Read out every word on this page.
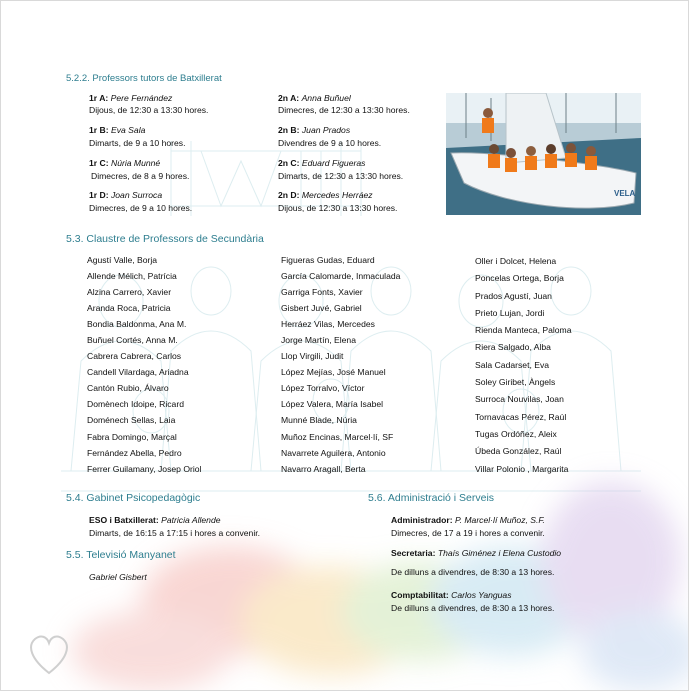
5.2.2. Professors tutors de Batxillerat
1r A: Pere Fernández
Dijous, de 12:30 a 13:30 hores.
2n A: Anna Buñuel
Dimecres, de 12:30 a 13:30 hores.
1r B: Eva Sala
Dimarts, de 9 a 10 hores.
2n B: Juan Prados
Divendres de 9 a 10 hores.
1r C: Núria Munné
Dimecres, de 8 a 9 hores.
2n C: Eduard Figueras
Dimarts, de 12:30 a 13:30 hores.
1r D: Joan Surroca
Dimecres, de 9 a 10 hores.
2n D: Mercedes Herráez
Dijous, de 12:30 a 13:30 hores.
VELA
5.3. Claustre de Professors de Secundària
Agustí Valle, Borja
Allende Mélich, Patrícia
Alzina Carrero, Xavier
Aranda Roca, Patricia
Bondia Baldonma, Ana M.
Buñuel Cortés, Anna M.
Cabrera Cabrera, Carlos
Candell Vilardaga, Ariadna
Cantón Rubio, Álvaro
Domènech Idoipe, Ricard
Doménech Sellas, Laia
Fabra Domingo, Marçal
Fernández Abella, Pedro
Ferrer Guilamany, Josep Oriol
Figueras Gudas, Eduard
García Calomarde, Inmaculada
Garriga Fonts, Xavier
Gisbert Juvé, Gabriel
Herráez Vilas, Mercedes
Jorge Martín, Elena
Llop Virgili, Judit
López Mejías, José Manuel
López Torralvo, Víctor
López Valera, María Isabel
Munné Blade, Núria
Muñoz Encinas, Marcel·lí, SF
Navarrete Aguilera, Antonio
Navarro Aragall, Berta
Oller i Dolcet, Helena
Poncelas Ortega, Borja
Prados Agustí, Juan
Prieto Lujan, Jordi
Rienda Manteca, Paloma
Riera Salgado, Alba
Sala Cadarset, Eva
Soley Giribet, Àngels
Surroca Nouvilas, Joan
Tornavacas Pérez, Raúl
Tugas Ordóñez, Aleix
Úbeda González, Raúl
Villar Polonio , Margarita
5.4. Gabinet Psicopedagògic
ESO i Batxillerat: Patricia Allende
Dimarts, de 16:15 a 17:15 i hores a convenir.
5.5. Televisió Manyanet
Gabriel Gisbert
5.6. Administració i Serveis
Administrador: P. Marcel·lí Muñoz, S.F.
Dimecres, de 17 a 19 i hores a convenir.
Secretaria: Thaís Giménez i Elena Custodio
De dilluns a divendres, de 8:30 a 13 hores.
Comptabilitat: Carlos Yanguas
De dilluns a divendres, de 8:30 a 13 hores.
